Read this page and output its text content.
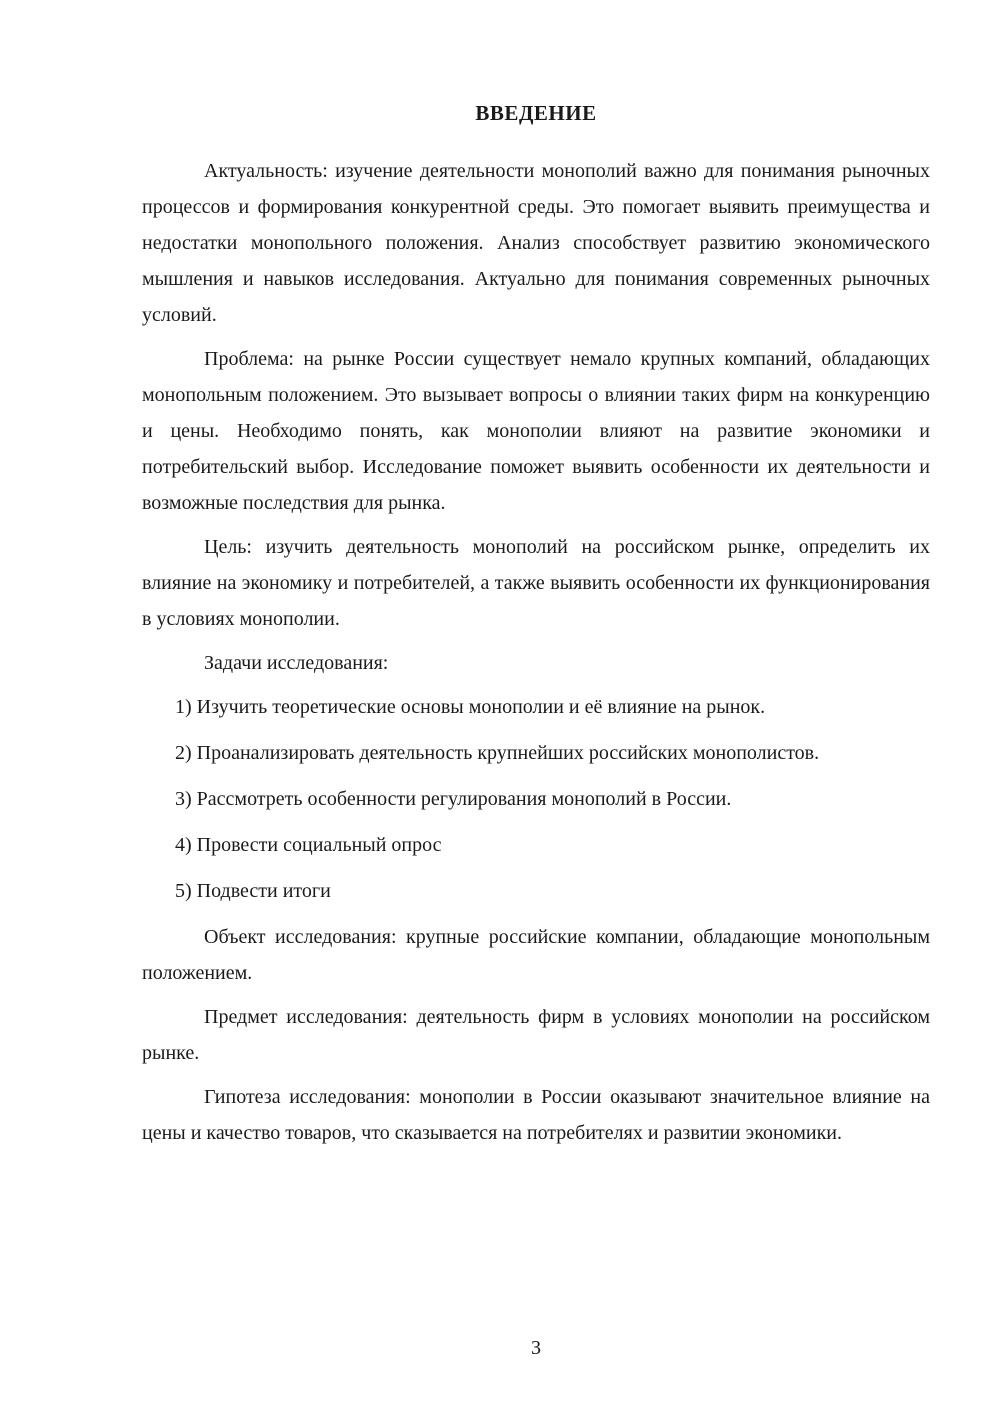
ВВЕДЕНИЕ

Актуальность: изучение деятельности монополий важно для понимания рыночных процессов и формирования конкурентной среды. Это помогает выявить преимущества и недостатки монопольного положения. Анализ способствует развитию экономического мышления и навыков исследования. Актуально для понимания современных рыночных условий.

Проблема: на рынке России существует немало крупных компаний, обладающих монопольным положением. Это вызывает вопросы о влиянии таких фирм на конкуренцию и цены. Необходимо понять, как монополии влияют на развитие экономики и потребительский выбор. Исследование поможет выявить особенности их деятельности и возможные последствия для рынка.

Цель: изучить деятельность монополий на российском рынке, определить их влияние на экономику и потребителей, а также выявить особенности их функционирования в условиях монополии.

Задачи исследования:

1) Изучить теоретические основы монополии и её влияние на рынок.

2) Проанализировать деятельность крупнейших российских монополистов.

3) Рассмотреть особенности регулирования монополий в России.

4) Провести социальный опрос

5) Подвести итоги

Объект исследования: крупные российские компании, обладающие монопольным положением.

Предмет исследования: деятельность фирм в условиях монополии на российском рынке.

Гипотеза исследования: монополии в России оказывают значительное влияние на цены и качество товаров, что сказывается на потребителях и развитии экономики.

3
